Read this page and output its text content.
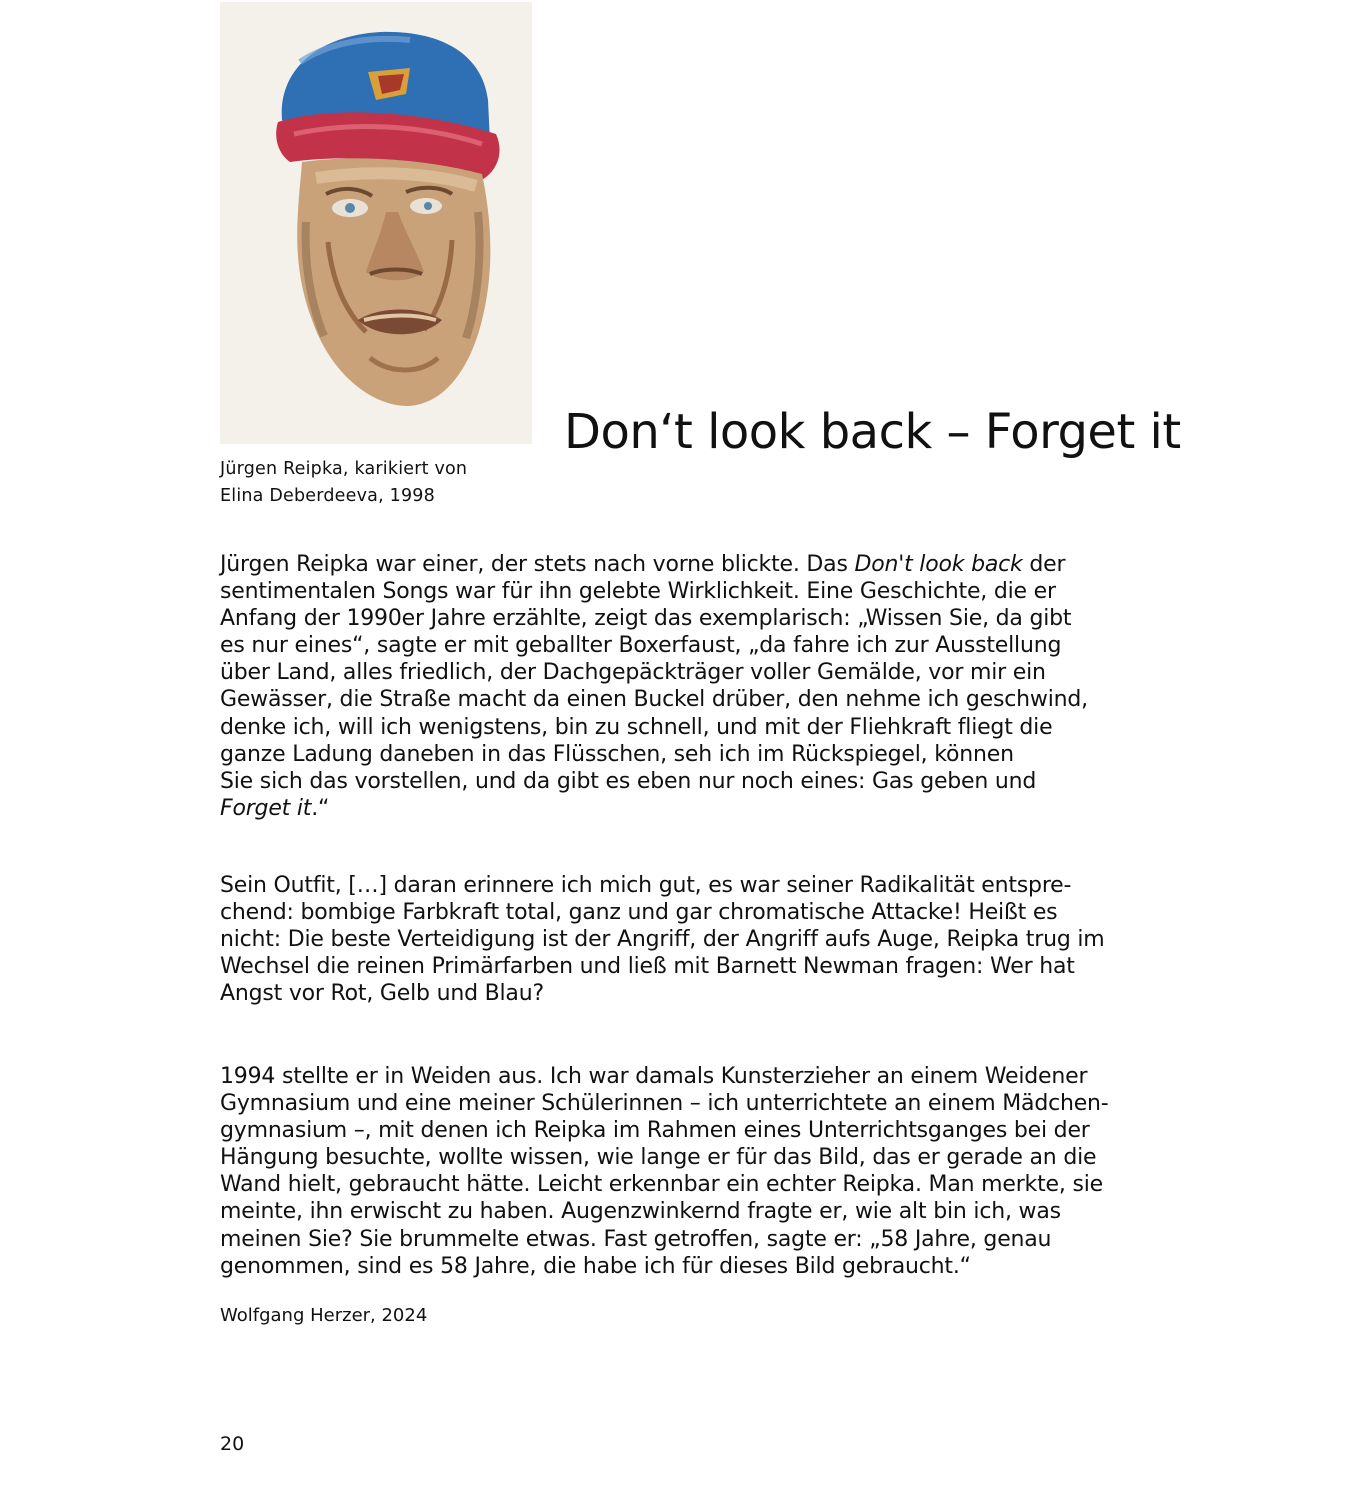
Jürgen Reipka, karikiert von
Elina Deberdeeva, 1998
Don‘t look back – Forget it

Jürgen Reipka war einer, der stets nach vorne blickte. Das Don't look back der
sentimentalen Songs war für ihn gelebte Wirklichkeit. Eine Geschichte, die er
Anfang der 1990er Jahre erzählte, zeigt das exemplarisch: „Wissen Sie, da gibt
es nur eines“, sagte er mit geballter Boxerfaust, „da fahre ich zur Ausstellung
über Land, alles friedlich, der Dachgepäckträger voller Gemälde, vor mir ein
Gewässer, die Straße macht da einen Buckel drüber, den nehme ich geschwind,
denke ich, will ich wenigstens, bin zu schnell, und mit der Fliehkraft fliegt die
ganze Ladung daneben in das Flüsschen, seh ich im Rückspiegel, können
Sie sich das vorstellen, und da gibt es eben nur noch eines: Gas geben und
Forget it.“

Sein Outfit, […] daran erinnere ich mich gut, es war seiner Radikalität entspre-
chend: bombige Farbkraft total, ganz und gar chromatische Attacke! Heißt es
nicht: Die beste Verteidigung ist der Angriff, der Angriff aufs Auge, Reipka trug im
Wechsel die reinen Primärfarben und ließ mit Barnett Newman fragen: Wer hat
Angst vor Rot, Gelb und Blau?

1994 stellte er in Weiden aus. Ich war damals Kunsterzieher an einem Weidener
Gymnasium und eine meiner Schülerinnen – ich unterrichtete an einem Mädchen-
gymnasium –, mit denen ich Reipka im Rahmen eines Unterrichtsganges bei der
Hängung besuchte, wollte wissen, wie lange er für das Bild, das er gerade an die
Wand hielt, gebraucht hätte. Leicht erkennbar ein echter Reipka. Man merkte, sie
meinte, ihn erwischt zu haben. Augenzwinkernd fragte er, wie alt bin ich, was
meinen Sie? Sie brummelte etwas. Fast getroffen, sagte er: „58 Jahre, genau
genommen, sind es 58 Jahre, die habe ich für dieses Bild gebraucht.“

Wolfgang Herzer, 2024
20
